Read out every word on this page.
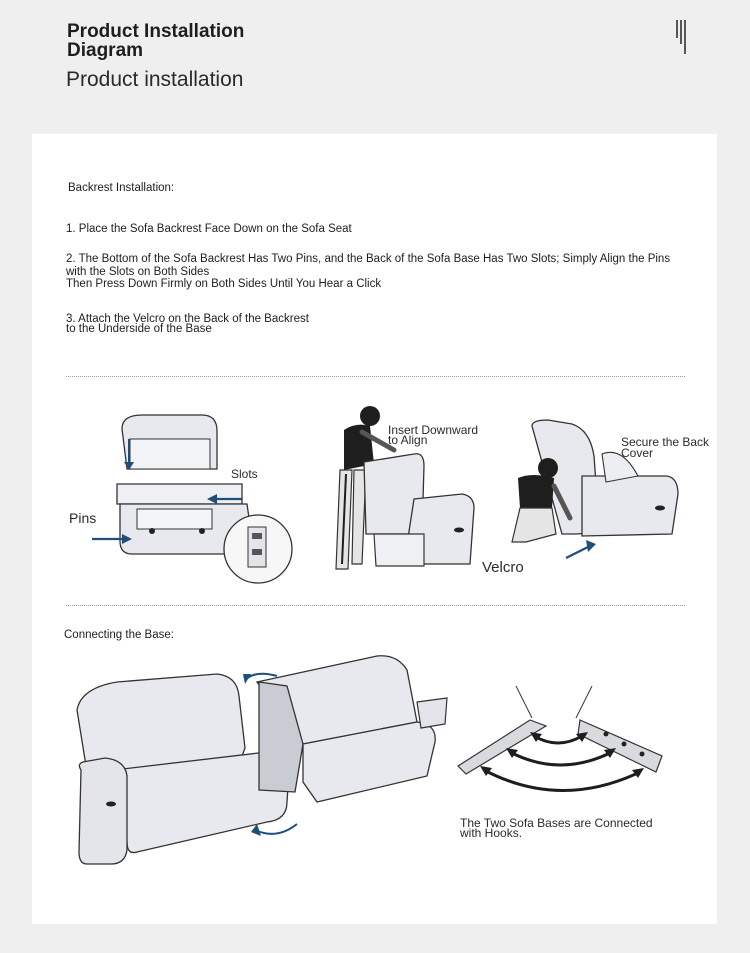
Product Installation Diagram
Product installation
Backrest Installation:
1. Place the Sofa Backrest Face Down on the Sofa Seat
2. The Bottom of the Sofa Backrest Has Two Pins, and the Back of the Sofa Base Has Two Slots; Simply Align the Pins
with the Slots on Both Sides
Then Press Down Firmly on Both Sides Until You Hear a Click
3. Attach the Velcro on the Back of the Backrest
to the Underside of the Base
Slots
Pins
Insert Downward
to Align	Secure the Back Cover
Velcro
Connecting the Base:
The Two Sofa Bases are Connected
with Hooks.
